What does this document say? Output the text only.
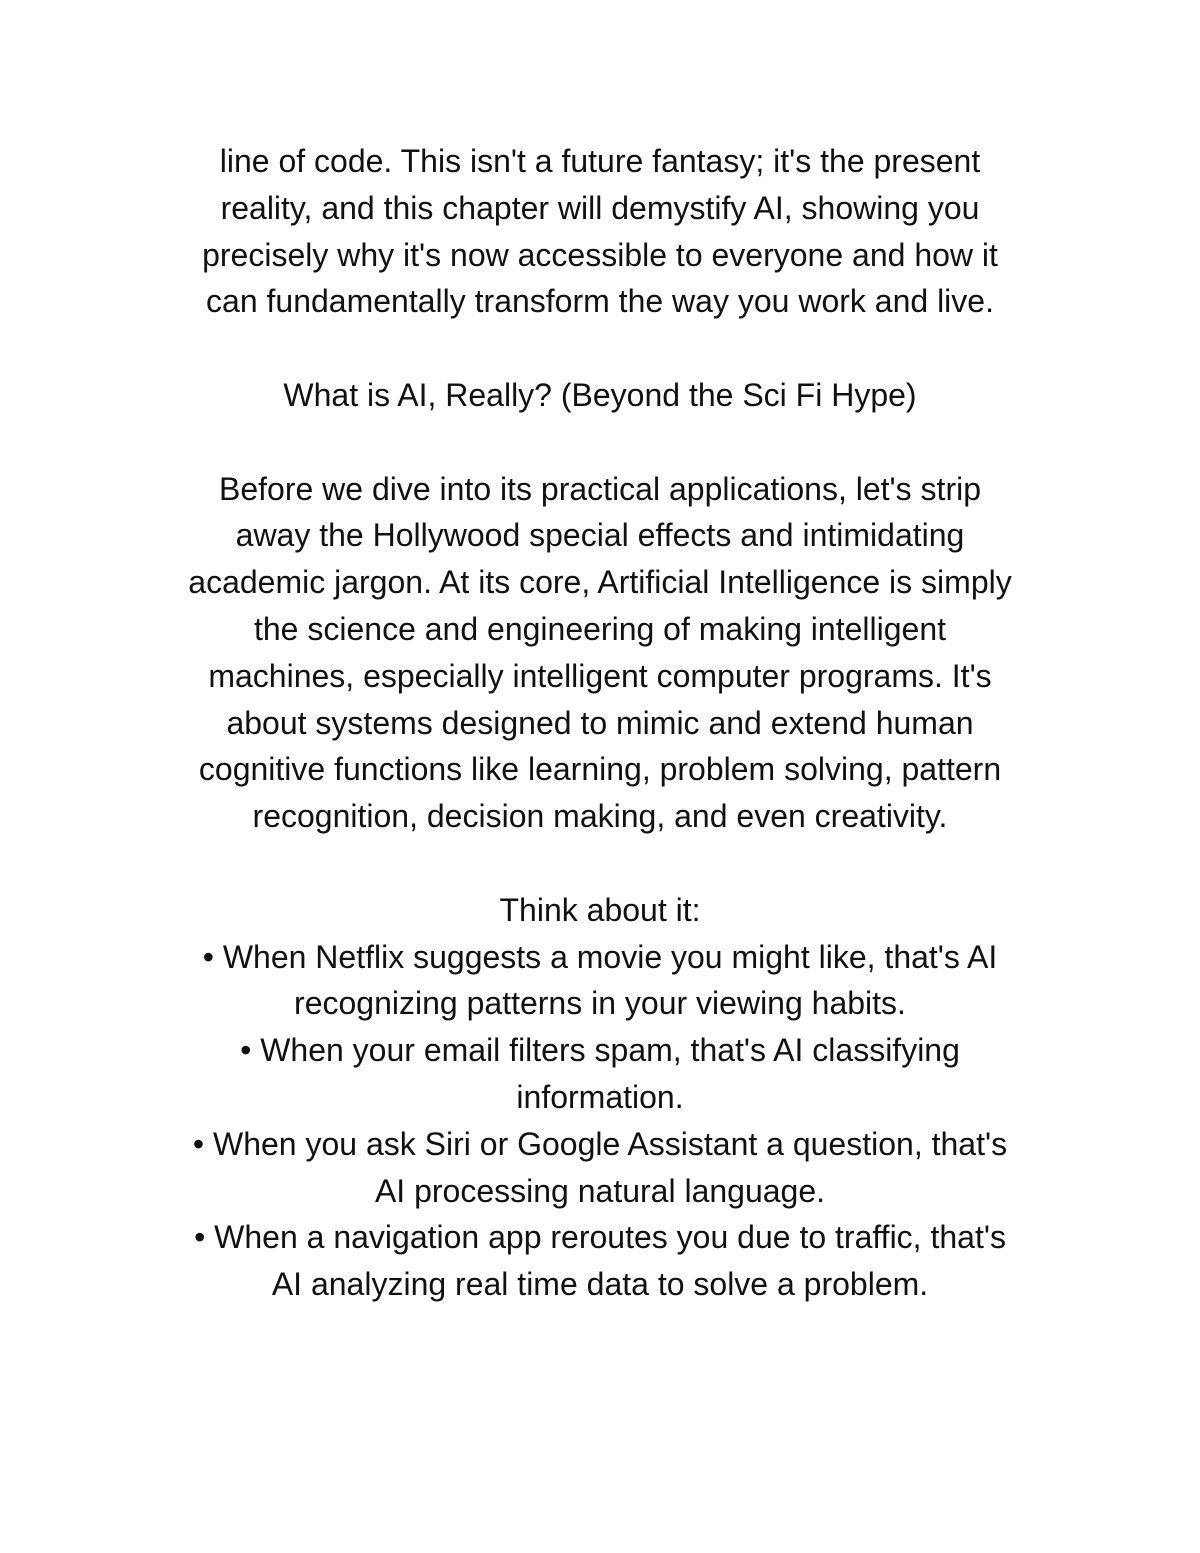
line of code. This isn't a future fantasy; it's the present
reality, and this chapter will demystify AI, showing you
precisely why it's now accessible to everyone and how it
can fundamentally transform the way you work and live.

What is AI, Really? (Beyond the Sci Fi Hype)

Before we dive into its practical applications, let's strip
away the Hollywood special effects and intimidating
academic jargon. At its core, Artificial Intelligence is simply
the science and engineering of making intelligent
machines, especially intelligent computer programs. It's
about systems designed to mimic and extend human
cognitive functions like learning, problem solving, pattern
recognition, decision making, and even creativity.

Think about it:
• When Netflix suggests a movie you might like, that's AI
recognizing patterns in your viewing habits.
• When your email filters spam, that's AI classifying
information.
• When you ask Siri or Google Assistant a question, that's
AI processing natural language.
• When a navigation app reroutes you due to traffic, that's
AI analyzing real time data to solve a problem.
